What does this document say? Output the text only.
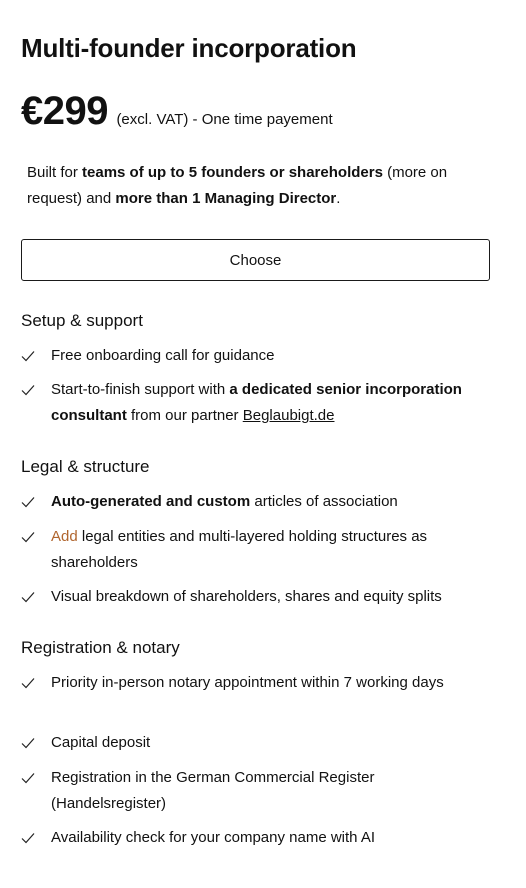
Multi-founder incorporation
€299 (excl. VAT) - One time payement
Built for teams of up to 5 founders or shareholders (more on request) and more than 1 Managing Director.
Choose
Setup & support
Free onboarding call for guidance
Start-to-finish support with a dedicated senior incorporation consultant from our partner Beglaubigt.de
Legal & structure
Auto-generated and custom articles of association
Add legal entities and multi-layered holding structures as shareholders
Visual breakdown of shareholders, shares and equity splits
Registration & notary
Priority in-person notary appointment within 7 working days
Capital deposit
Registration in the German Commercial Register (Handelsregister)
Availability check for your company name with AI
